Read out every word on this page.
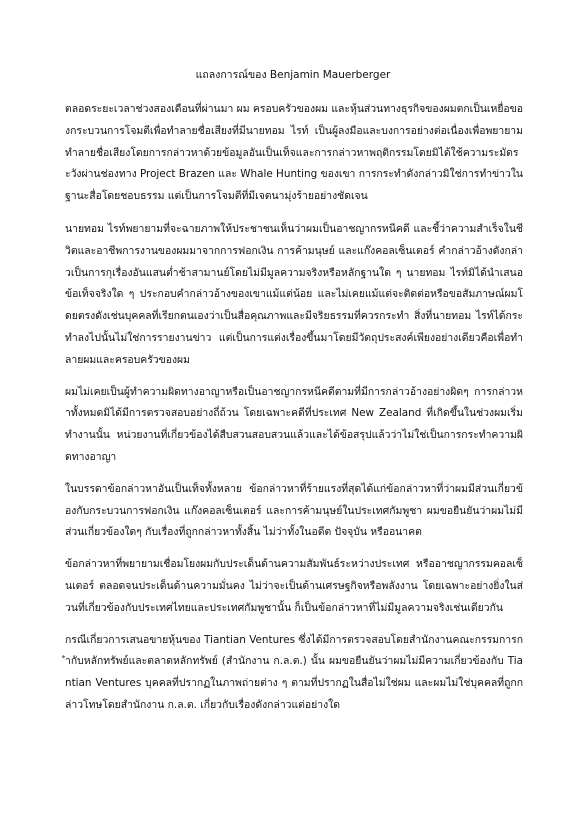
แถลงการณ์ของ Benjamin Mauerberger

ตลอดระยะเวลาช่วงสองเดือนที่ผ่านมา ผม ครอบครัวของผม และหุ้นส่วนทางธุรกิจของผมตกเป็นเหยื่อของกระบวนการโจมตีเพื่อทำลายชื่อเสียงที่มีนายทอม ไรท์ เป็นผู้ลงมือและบงการอย่างต่อเนื่องเพื่อพยายามทำลายชื่อเสียงโดยการกล่าวหาด้วยข้อมูลอันเป็นเท็จและการกล่าวหาพฤติกรรมโดยมิได้ใช้ความระมัดระวังผ่านช่องทาง Project Brazen และ Whale Hunting ของเขา การกระทำดังกล่าวมิใช่การทำข่าวในฐานะสื่อโดยชอบธรรม แต่เป็นการโจมตีที่มีเจตนามุ่งร้ายอย่างชัดเจน

นายทอม ไรท์พยายามที่จะฉายภาพให้ประชาชนเห็นว่าผมเป็นอาชญากรหนีคดี และชี้ว่าความสำเร็จในชีวิตและอาชีพการงานของผมมาจากการฟอกเงิน การค้ามนุษย์ และแก๊งคอลเซ็นเตอร์ คำกล่าวอ้างดังกล่าวเป็นการกุเรื่องอันแสนต่ำช้าสามานย์โดยไม่มีมูลความจริงหรือหลักฐานใด ๆ นายทอม ไรท์มิได้นำเสนอข้อเท็จจริงใด ๆ ประกอบคำกล่าวอ้างของเขาแม้แต่น้อย และไม่เคยแม้แต่จะติดต่อหรือขอสัมภาษณ์ผมโดยตรงดังเช่นบุคคลที่เรียกตนเองว่าเป็นสื่อคุณภาพและมีจริยธรรมที่ควรกระทำ สิ่งที่นายทอม ไรท์ได้กระทำลงไปนั้นไม่ใช่การรายงานข่าว แต่เป็นการแต่งเรื่องขึ้นมาโดยมีวัตถุประสงค์เพียงอย่างเดียวคือเพื่อทำลายผมและครอบครัวของผม

ผมไม่เคยเป็นผู้ทำความผิดทางอาญาหรือเป็นอาชญากรหนีคดีตามที่มีการกล่าวอ้างอย่างผิดๆ การกล่าวหาทั้งหมดมิได้มีการตรวจสอบอย่างถี่ถ้วน โดยเฉพาะคดีที่ประเทศ New Zealand ที่เกิดขึ้นในช่วงผมเริ่มทำงานนั้น หน่วยงานที่เกี่ยวข้องได้สืบสวนสอบสวนแล้วและได้ข้อสรุปแล้วว่าไม่ใช่เป็นการกระทำความผิดทางอาญา

ในบรรดาข้อกล่าวหาอันเป็นเท็จทั้งหลาย ข้อกล่าวหาที่ร้ายแรงที่สุดได้แก่ข้อกล่าวหาที่ว่าผมมีส่วนเกี่ยวข้องกับกระบวนการฟอกเงิน แก๊งคอลเซ็นเตอร์ และการค้ามนุษย์ในประเทศกัมพูชา ผมขอยืนยันว่าผมไม่มีส่วนเกี่ยวข้องใดๆ กับเรื่องที่ถูกกล่าวหาทั้งสิ้น ไม่ว่าทั้งในอดีต ปัจจุบัน หรืออนาคต

ข้อกล่าวหาที่พยายามเชื่อมโยงผมกับประเด็นด้านความสัมพันธ์ระหว่างประเทศ หรืออาชญากรรมคอลเซ็นเตอร์ ตลอดจนประเด็นด้านความมั่นคง ไม่ว่าจะเป็นด้านเศรษฐกิจหรือพลังงาน โดยเฉพาะอย่างยิ่งในส่วนที่เกี่ยวข้องกับประเทศไทยและประเทศกัมพูชานั้น ก็เป็นข้อกล่าวหาที่ไม่มีมูลความจริงเช่นเดียวกัน

กรณีเกี่ยวการเสนอขายหุ้นของ Tiantian Ventures ซึ่งได้มีการตรวจสอบโดยสำนักงานคณะกรรมการกำกับหลักทรัพย์และตลาดหลักทรัพย์ (สำนักงาน ก.ล.ต.) นั้น ผมขอยืนยันว่าผมไม่มีความเกี่ยวข้องกับ Tiantian Ventures บุคคลที่ปรากฏในภาพถ่ายต่าง ๆ ตามที่ปรากฏในสื่อไม่ใช่ผม และผมไม่ใช่บุคคลที่ถูกกล่าวโทษโดยสำนักงาน ก.ล.ต. เกี่ยวกับเรื่องดังกล่าวแต่อย่างใด
